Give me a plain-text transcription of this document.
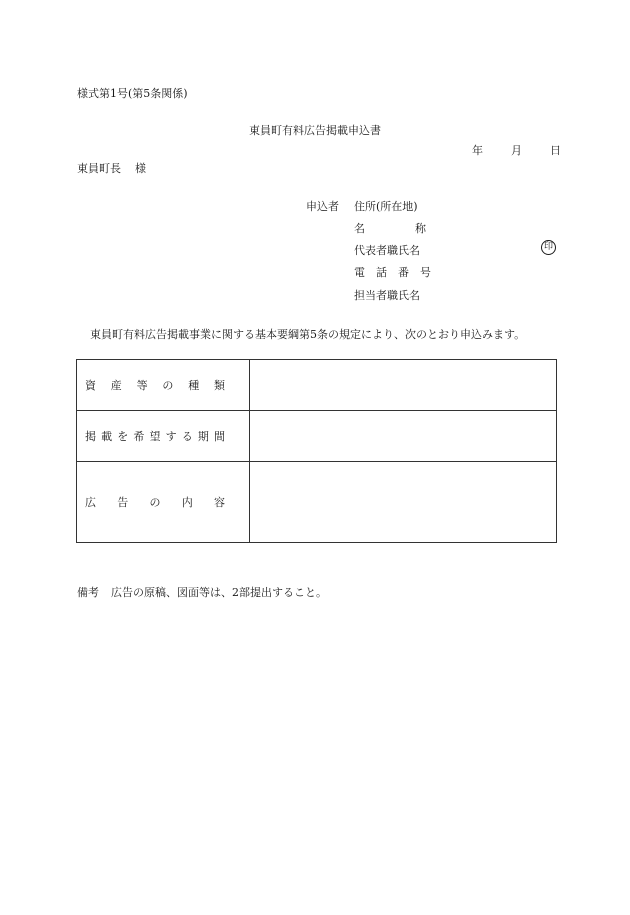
様式第1号(第5条関係)
東員町有料広告掲載申込書
年	月	日
東員町長 様
申込者 住所(所在地)
名　　　称
代表者職氏名
電　話　番　号
担当者職氏名
印
東員町有料広告掲載事業に関する基本要綱第5条の規定により、次のとおり申込みます。
資産等の種類	

掲載を希望する期間	

広告の内容	

備考 広告の原稿、図面等は、2部提出すること。
